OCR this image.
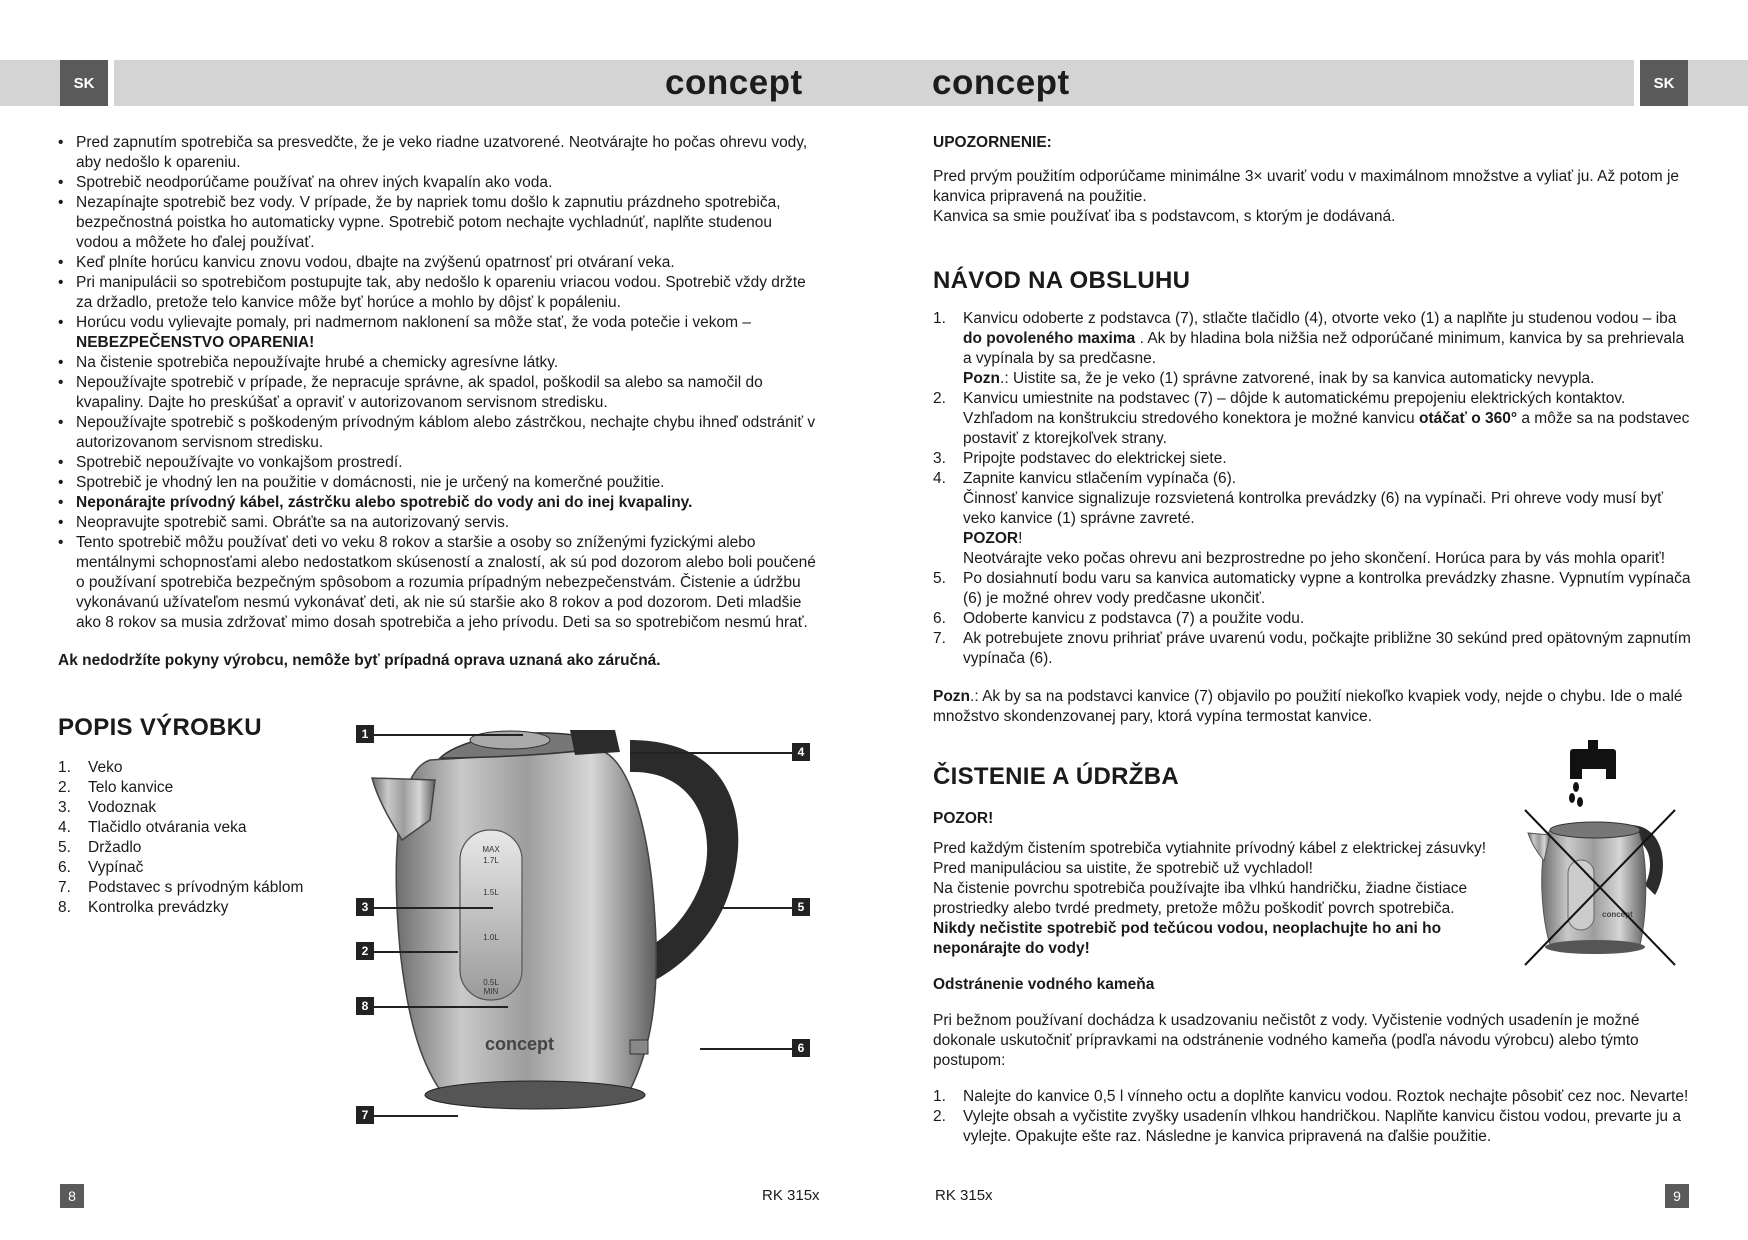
SK	SK
concept	concept
• Pred zapnutím spotrebiča sa presvedčte, že je veko riadne uzatvorené. Neotvárajte ho počas ohrevu vody, aby nedošlo k opareniu.
• Spotrebič neodporúčame používať na ohrev iných kvapalín ako voda.
• Nezapínajte spotrebič bez vody. V prípade, že by napriek tomu došlo k zapnutiu prázdneho spotrebiča, bezpečnostná poistka ho automaticky vypne. Spotrebič potom nechajte vychladnúť, naplňte studenou vodou a môžete ho ďalej používať.
• Keď plníte horúcu kanvicu znovu vodou, dbajte na zvýšenú opatrnosť pri otváraní veka.
• Pri manipulácii so spotrebičom postupujte tak, aby nedošlo k opareniu vriacou vodou. Spotrebič vždy držte za držadlo, pretože telo kanvice môže byť horúce a mohlo by dôjsť k popáleniu.
• Horúcu vodu vylievajte pomaly, pri nadmernom naklonení sa môže stať, že voda potečie i vekom – NEBEZPEČENSTVO OPARENIA!
• Na čistenie spotrebiča nepoužívajte hrubé a chemicky agresívne látky.
• Nepoužívajte spotrebič v prípade, že nepracuje správne, ak spadol, poškodil sa alebo sa namočil do kvapaliny. Dajte ho preskúšať a opraviť v autorizovanom servisnom stredisku.
• Nepoužívajte spotrebič s poškodeným prívodným káblom alebo zástrčkou, nechajte chybu ihneď odstrániť v autorizovanom servisnom stredisku.
• Spotrebič nepoužívajte vo vonkajšom prostredí.
• Spotrebič je vhodný len na použitie v domácnosti, nie je určený na komerčné použitie.
• Neponárajte prívodný kábel, zástrčku alebo spotrebič do vody ani do inej kvapaliny.
• Neopravujte spotrebič sami. Obráťte sa na autorizovaný servis.
• Tento spotrebič môžu používať deti vo veku 8 rokov a staršie a osoby so zníženými fyzickými alebo mentálnymi schopnosťami alebo nedostatkom skúseností a znalostí, ak sú pod dozorom alebo boli poučené o používaní spotrebiča bezpečným spôsobom a rozumia prípadným nebezpečenstvám. Čistenie a údržbu vykonávanú užívateľom nesmú vykonávať deti, ak nie sú staršie ako 8 rokov a pod dozorom. Deti mladšie ako 8 rokov sa musia zdržovať mimo dosah spotrebiča a jeho prívodu. Deti sa so spotrebičom nesmú hrať.

Ak nedodržíte pokyny výrobcu, nemôže byť prípadná oprava uznaná ako záručná.

POPIS VÝROBKU
1. Veko
2. Telo kanvice
3. Vodoznak
4. Tlačidlo otvárania veka
5. Držadlo
6. Vypínač
7. Podstavec s prívodným káblom
8. Kontrolka prevádzky
MAX
1.7L
1.5L
1.0L
0.5L
MIN
concept
1
2
3
4
5
6
7
8
8	RK 315x

UPOZORNENIE:

Pred prvým použitím odporúčame minimálne 3× uvariť vodu v maximálnom množstve a vyliať ju. Až potom je kanvica pripravená na použitie.

Kanvica sa smie používať iba s podstavcom, s ktorým je dodávaná.

NÁVOD NA OBSLUHU
1. Kanvicu odoberte z podstavca (7), stlačte tlačidlo (4), otvorte veko (1) a naplňte ju studenou vodou – iba do povoleného maxima . Ak by hladina bola nižšia než odporúčané minimum, kanvica by sa prehrievala a vypínala by sa predčasne.
Pozn.: Uistite sa, že je veko (1) správne zatvorené, inak by sa kanvica automaticky nevypla.
2. Kanvicu umiestnite na podstavec (7) – dôjde k automatickému prepojeniu elektrických kontaktov. Vzhľadom na konštrukciu stredového konektora je možné kanvicu otáčať o 360° a môže sa na podstavec postaviť z ktorejkoľvek strany.
3. Pripojte podstavec do elektrickej siete.
4. Zapnite kanvicu stlačením vypínača (6).
Činnosť kanvice signalizuje rozsvietená kontrolka prevádzky (6) na vypínači. Pri ohreve vody musí byť veko kanvice (1) správne zavreté.
POZOR!
Neotvárajte veko počas ohrevu ani bezprostredne po jeho skončení. Horúca para by vás mohla opariť!
5. Po dosiahnutí bodu varu sa kanvica automaticky vypne a kontrolka prevádzky zhasne. Vypnutím vypínača (6) je možné ohrev vody predčasne ukončiť.
6. Odoberte kanvicu z podstavca (7) a použite vodu.
7. Ak potrebujete znovu prihriať práve uvarenú vodu, počkajte približne 30 sekúnd pred opätovným zapnutím vypínača (6).

Pozn.: Ak by sa na podstavci kanvice (7) objavilo po použití niekoľko kvapiek vody, nejde o chybu. Ide o malé množstvo skondenzovanej pary, ktorá vypína termostat kanvice.

ČISTENIE A ÚDRŽBA

POZOR!

Pred každým čistením spotrebiča vytiahnite prívodný kábel z elektrickej zásuvky!

Pred manipuláciou sa uistite, že spotrebič už vychladol!

Na čistenie povrchu spotrebiča používajte iba vlhkú handričku, žiadne čistiace prostriedky alebo tvrdé predmety, pretože môžu poškodiť povrch spotrebiča.

Nikdy nečistite spotrebič pod tečúcou vodou, neoplachujte ho ani ho neponárajte do vody!

Odstránenie vodného kameňa

Pri bežnom používaní dochádza k usadzovaniu nečistôt z vody. Vyčistenie vodných usadenín je možné dokonale uskutočniť prípravkami na odstránenie vodného kameňa (podľa návodu výrobcu) alebo týmto postupom:

1. Nalejte do kanvice 0,5 l vínneho octu a doplňte kanvicu vodou. Roztok nechajte pôsobiť cez noc. Nevarte!
2. Vylejte obsah a vyčistite zvyšky usadenín vlhkou handričkou. Naplňte kanvicu čistou vodou, prevarte ju a vylejte. Opakujte ešte raz. Následne je kanvica pripravená na ďalšie použitie.
concept
RK 315x	9
